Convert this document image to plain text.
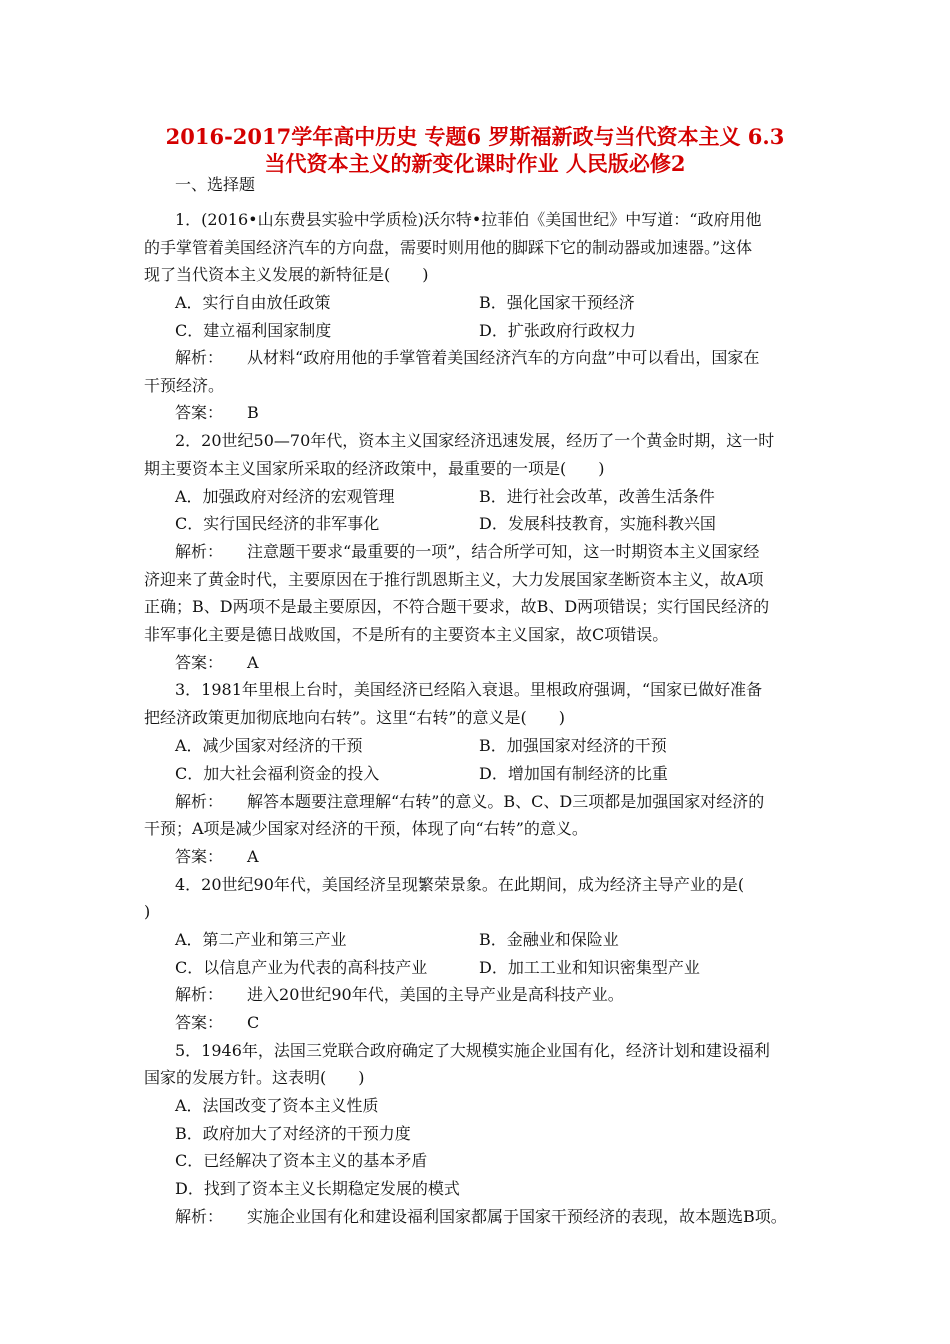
2016-2017学年高中历史 专题6 罗斯福新政与当代资本主义 6.3
当代资本主义的新变化课时作业 人民版必修2
一、选择题
1．(2016•山东费县实验中学质检)沃尔特•拉菲伯《美国世纪》中写道：“政府用他
的手掌管着美国经济汽车的方向盘，需要时则用他的脚踩下它的制动器或加速器。”这体
现了当代资本主义发展的新特征是(　　)
A．实行自由放任政策	B．强化国家干预经济
C．建立福利国家制度	D．扩张政府行政权力
解析： 从材料“政府用他的手掌管着美国经济汽车的方向盘”中可以看出，国家在
干预经济。
答案： B
2．20世纪50—70年代，资本主义国家经济迅速发展，经历了一个黄金时期，这一时
期主要资本主义国家所采取的经济政策中，最重要的一项是(　　)
A．加强政府对经济的宏观管理	B．进行社会改革，改善生活条件
C．实行国民经济的非军事化	D．发展科技教育，实施科教兴国
解析： 注意题干要求“最重要的一项”，结合所学可知，这一时期资本主义国家经
济迎来了黄金时代，主要原因在于推行凯恩斯主义，大力发展国家垄断资本主义，故A项
正确；B、D两项不是最主要原因，不符合题干要求，故B、D两项错误；实行国民经济的
非军事化主要是德日战败国，不是所有的主要资本主义国家，故C项错误。
答案： A
3．1981年里根上台时，美国经济已经陷入衰退。里根政府强调，“国家已做好准备
把经济政策更加彻底地向右转”。这里“右转”的意义是(　　)
A．减少国家对经济的干预	B．加强国家对经济的干预
C．加大社会福利资金的投入	D．增加国有制经济的比重
解析： 解答本题要注意理解“右转”的意义。B、C、D三项都是加强国家对经济的
干预；A项是减少国家对经济的干预，体现了向“右转”的意义。
答案： A
4．20世纪90年代，美国经济呈现繁荣景象。在此期间，成为经济主导产业的是(
)
A．第二产业和第三产业	B．金融业和保险业
C．以信息产业为代表的高科技产业	D．加工工业和知识密集型产业
解析： 进入20世纪90年代，美国的主导产业是高科技产业。
答案： C
5．1946年，法国三党联合政府确定了大规模实施企业国有化，经济计划和建设福利
国家的发展方针。这表明(　　)
A．法国改变了资本主义性质
B．政府加大了对经济的干预力度
C．已经解决了资本主义的基本矛盾
D．找到了资本主义长期稳定发展的模式
解析： 实施企业国有化和建设福利国家都属于国家干预经济的表现，故本题选B项。
